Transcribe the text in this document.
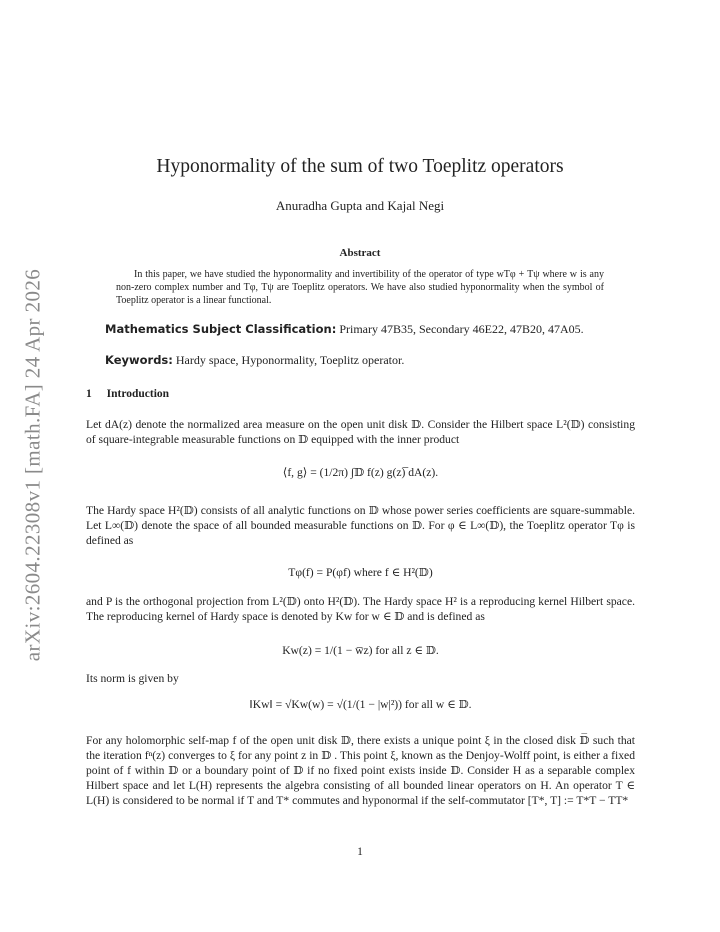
arXiv:2604.22308v1 [math.FA] 24 Apr 2026
Hyponormality of the sum of two Toeplitz operators
Anuradha Gupta and Kajal Negi
Abstract
In this paper, we have studied the hyponormality and invertibility of the operator of type wTφ + Tψ where w is any non-zero complex number and Tφ, Tψ are Toeplitz operators. We have also studied hyponormality when the symbol of Toeplitz operator is a linear functional.
Mathematics Subject Classification: Primary 47B35, Secondary 46E22, 47B20, 47A05.
Keywords: Hardy space, Hyponormality, Toeplitz operator.
1 Introduction
Let dA(z) denote the normalized area measure on the open unit disk 𝔻. Consider the Hilbert space L²(𝔻) consisting of square-integrable measurable functions on 𝔻 equipped with the inner product
⟨f, g⟩ = (1/2π) ∫𝔻 f(z) g(z)̅ dA(z).
The Hardy space H²(𝔻) consists of all analytic functions on 𝔻 whose power series coefficients are square-summable. Let L∞(𝔻) denote the space of all bounded measurable functions on 𝔻. For φ ∈ L∞(𝔻), the Toeplitz operator Tφ is defined as
Tφ(f) = P(φf) where f ∈ H²(𝔻)
and P is the orthogonal projection from L²(𝔻) onto H²(𝔻). The Hardy space H² is a reproducing kernel Hilbert space. The reproducing kernel of Hardy space is denoted by Kw for w ∈ 𝔻 and is defined as
Kw(z) = 1/(1 − w̅z) for all z ∈ 𝔻.
Its norm is given by
‖Kw‖ = √Kw(w) = √(1/(1 − |w|²)) for all w ∈ 𝔻.
For any holomorphic self-map f of the open unit disk 𝔻, there exists a unique point ξ in the closed disk 𝔻̅ such that the iteration fⁿ(z) converges to ξ for any point z in 𝔻 . This point ξ, known as the Denjoy-Wolff point, is either a fixed point of f within 𝔻 or a boundary point of 𝔻 if no fixed point exists inside 𝔻. Consider H as a separable complex Hilbert space and let L(H) represents the algebra consisting of all bounded linear operators on H. An operator T ∈ L(H) is considered to be normal if T and T* commutes and hyponormal if the self-commutator [T*, T] := T*T − TT*
1
